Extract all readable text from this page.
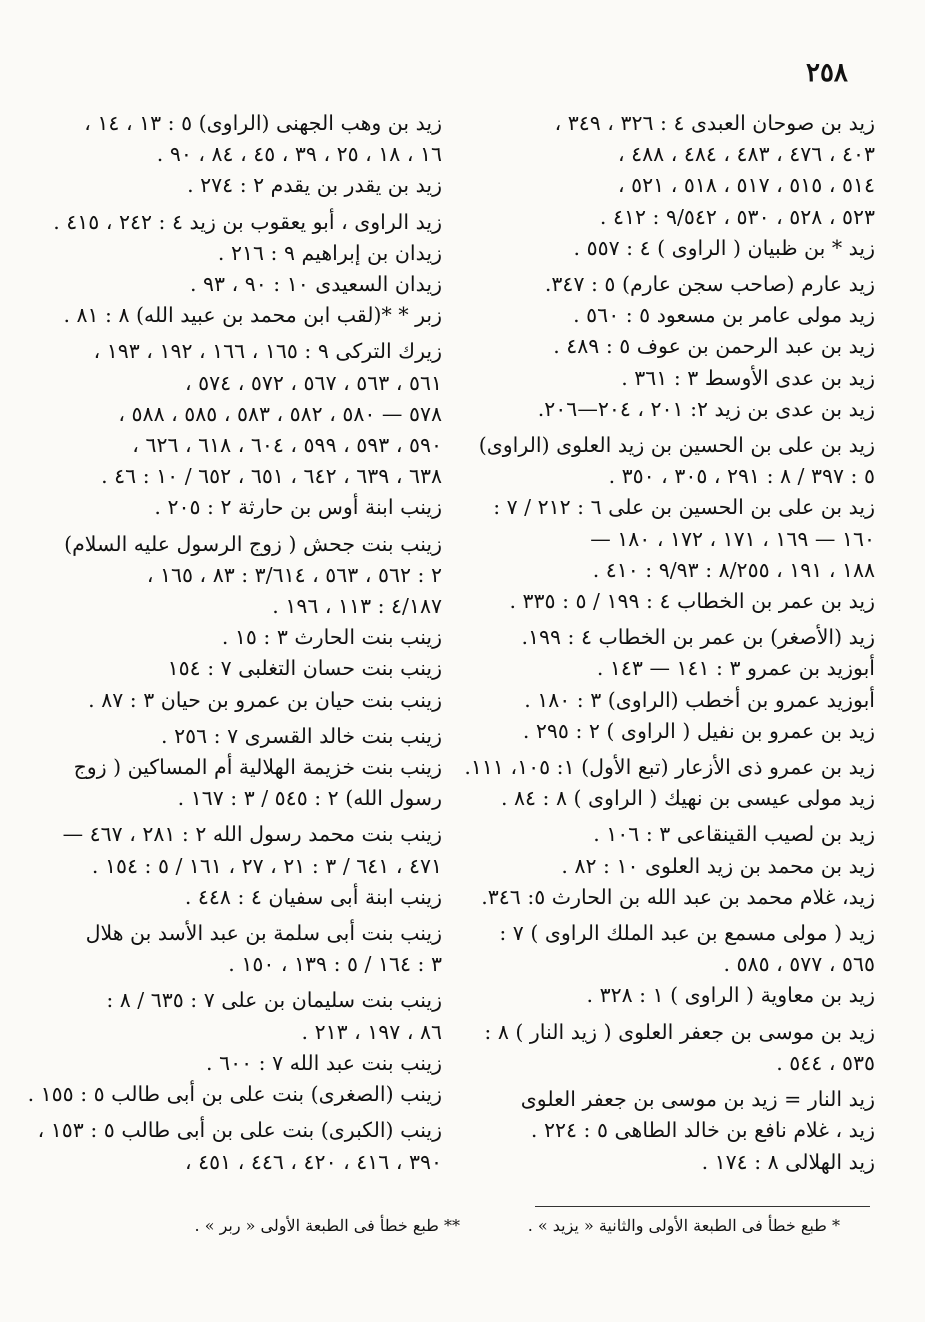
٢٥٨

زيد بن صوحان العبدى ٤ : ٣٢٦ ، ٣٤٩ ،

٤٠٣ ، ٤٧٦ ، ٤٨٣ ، ٤٨٤ ، ٤٨٨ ،

٥١٤ ، ٥١٥ ، ٥١٧ ، ٥١٨ ، ٥٢١ ،

٥٢٣ ، ٥٢٨ ، ٥٣٠ ، ٩/٥٤٢ : ٤١٢ .

زيد * بن ظبيان ( الراوى ) ٤ : ٥٥٧ .

زيد عارم (صاحب سجن عارم) ٥ : ٣٤٧.

زيد مولى عامر بن مسعود ٥ : ٥٦٠ .

زيد بن عبد الرحمن بن عوف ٥ : ٤٨٩ .

زيد بن عدى الأوسط ٣ : ٣٦١ .

زيد بن عدى بن زيد ٢: ٢٠١ ، ٢٠٤—٢٠٦.

زيد بن على بن الحسين بن زيد العلوى (الراوى)

٥ : ٣٩٧ / ٨ : ٢٩١ ، ٣٠٥ ، ٣٥٠ .

زيد بن على بن الحسين بن على ٦ : ٢١٢ / ٧ :

١٦٠ — ١٦٩ ، ١٧١ ، ١٧٢ ، ١٨٠ —

١٨٨ ، ١٩١ ، ٨/٢٥٥ : ٩/٩٣ : ٤١٠ .

زيد بن عمر بن الخطاب ٤ : ١٩٩ / ٥ : ٣٣٥ .

زيد (الأصغر) بن عمر بن الخطاب ٤ : ١٩٩.

أبوزيد بن عمرو ٣ : ١٤١ — ١٤٣ .

أبوزيد عمرو بن أخطب (الراوى) ٣ : ١٨٠ .

زيد بن عمرو بن نفيل ( الراوى ) ٢ : ٢٩٥ .

زيد بن عمرو ذى الأزعار (تبع الأول) ١: ١٠٥، ١١١.

زيد مولى عيسى بن نهيك ( الراوى ) ٨ : ٨٤ .

زيد بن لصيب القينقاعى ٣ : ١٠٦ .

زيد بن محمد بن زيد العلوى ١٠ : ٨٢ .

زيد، غلام محمد بن عبد الله بن الحارث ٥: ٣٤٦.

زيد ( مولى مسمع بن عبد الملك الراوى ) ٧ :

٥٦٥ ، ٥٧٧ ، ٥٨٥ .

زيد بن معاوية ( الراوى ) ١ : ٣٢٨ .

زيد بن موسى بن جعفر العلوى ( زيد النار ) ٨ :

٥٣٥ ، ٥٤٤ .

زيد النار = زيد بن موسى بن جعفر العلوى

زيد ، غلام نافع بن خالد الطاهى ٥ : ٢٢٤ .

زيد الهلالى ٨ : ١٧٤ .

زيد بن وهب الجهنى (الراوى) ٥ : ١٣ ، ١٤ ،

١٦ ، ١٨ ، ٢٥ ، ٣٩ ، ٤٥ ، ٨٤ ، ٩٠ .

زيد بن يقدر بن يقدم ٢ : ٢٧٤ .

زيد الراوى ، أبو يعقوب بن زيد ٤ : ٢٤٢ ، ٤١٥ .

زيدان بن إبراهيم ٩ : ٢١٦ .

زيدان السعيدى ١٠ : ٩٠ ، ٩٣ .

زبر * *(لقب ابن محمد بن عبيد الله) ٨ : ٨١ .

زيرك التركى ٩ : ١٦٥ ، ١٦٦ ، ١٩٢ ، ١٩٣ ،

٥٦١ ، ٥٦٣ ، ٥٦٧ ، ٥٧٢ ، ٥٧٤ ،

٥٧٨ — ٥٨٠ ، ٥٨٢ ، ٥٨٣ ، ٥٨٥ ، ٥٨٨ ،

٥٩٠ ، ٥٩٣ ، ٥٩٩ ، ٦٠٤ ، ٦١٨ ، ٦٢٦ ،

٦٣٨ ، ٦٣٩ ، ٦٤٢ ، ٦٥١ ، ٦٥٢ / ١٠ : ٤٦ .

زينب ابنة أوس بن حارثة ٢ : ٢٠٥ .

زينب بنت جحش ( زوج الرسول عليه السلام)

٢ : ٥٦٢ ، ٥٦٣ ، ٣/٦١٤ : ٨٣ ، ١٦٥ ،

٤/١٨٧ : ١١٣ ، ١٩٦ .

زينب بنت الحارث ٣ : ١٥ .

زينب بنت حسان التغلبى ٧ : ١٥٤

زينب بنت حيان بن عمرو بن حيان ٣ : ٨٧ .

زينب بنت خالد القسرى ٧ : ٢٥٦ .

زينب بنت خزيمة الهلالية أم المساكين ( زوج

رسول الله) ٢ : ٥٤٥ / ٣ : ١٦٧ .

زينب بنت محمد رسول الله ٢ : ٢٨١ ، ٤٦٧ —

٤٧١ ، ٦٤١ / ٣ : ٢١ ، ٢٧ ، ١٦١ / ٥ : ١٥٤ .

زينب ابنة أبى سفيان ٤ : ٤٤٨ .

زينب بنت أبى سلمة بن عبد الأسد بن هلال

٣ : ١٦٤ / ٥ : ١٣٩ ، ١٥٠ .

زينب بنت سليمان بن على ٧ : ٦٣٥ / ٨ :

٨٦ ، ١٩٧ ، ٢١٣ .

زينب بنت عبد الله ٧ : ٦٠٠ .

زينب (الصغرى) بنت على بن أبى طالب ٥ : ١٥٥ .

زينب (الكبرى) بنت على بن أبى طالب ٥ : ١٥٣ ،

٣٩٠ ، ٤١٦ ، ٤٢٠ ، ٤٤٦ ، ٤٥١ ،

* طبع خطأ فى الطبعة الأولى والثانية « يزيد » .
** طبع خطأ فى الطبعة الأولى « ربر » .
